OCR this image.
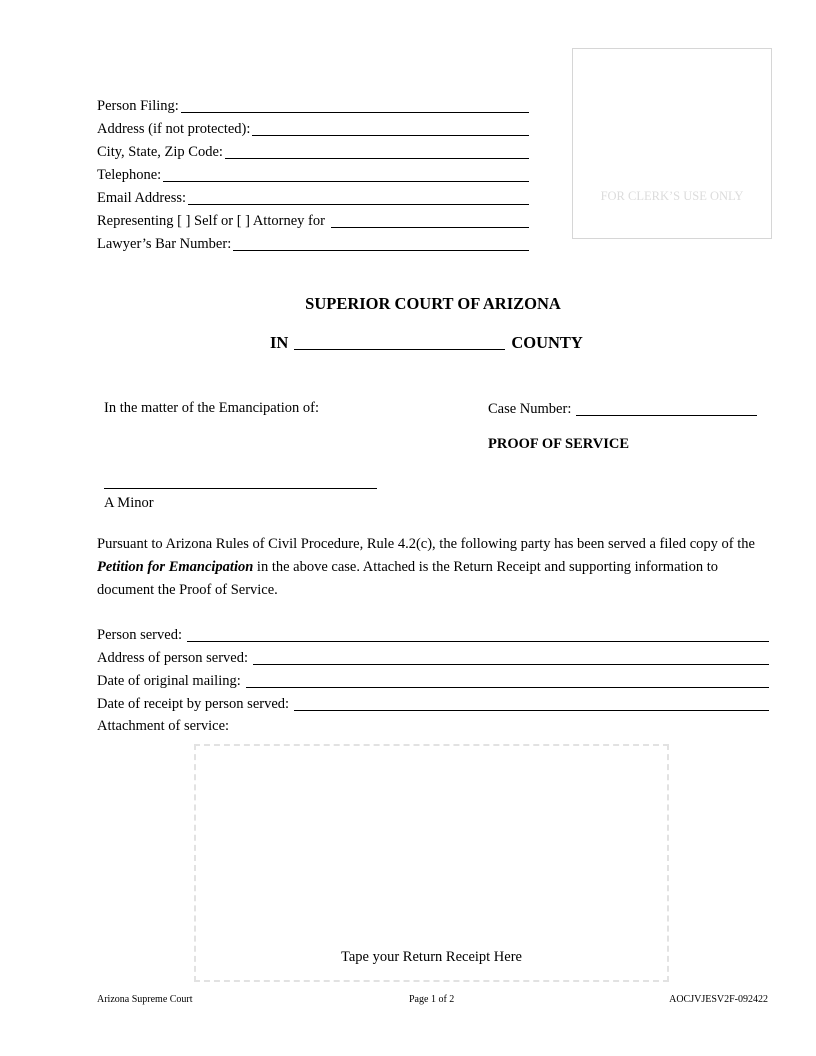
Person Filing:
Address (if not protected):
City, State, Zip Code:
Telephone:
Email Address:
Representing [ ] Self or [ ] Attorney for
Lawyer’s Bar Number:
FOR CLERK’S USE ONLY
SUPERIOR COURT OF ARIZONA
IN	COUNTY
In the matter of the Emancipation of:	Case Number:
PROOF OF SERVICE
A Minor
Pursuant to Arizona Rules of Civil Procedure, Rule 4.2(c), the following party has been served a filed copy of the Petition for Emancipation in the above case. Attached is the Return Receipt and supporting information to document the Proof of Service.
Person served:
Address of person served:
Date of original mailing:
Date of receipt by person served:
Attachment of service:
Tape your Return Receipt Here
Arizona Supreme Court	Page 1 of 2	AOCJVJESV2F-092422
